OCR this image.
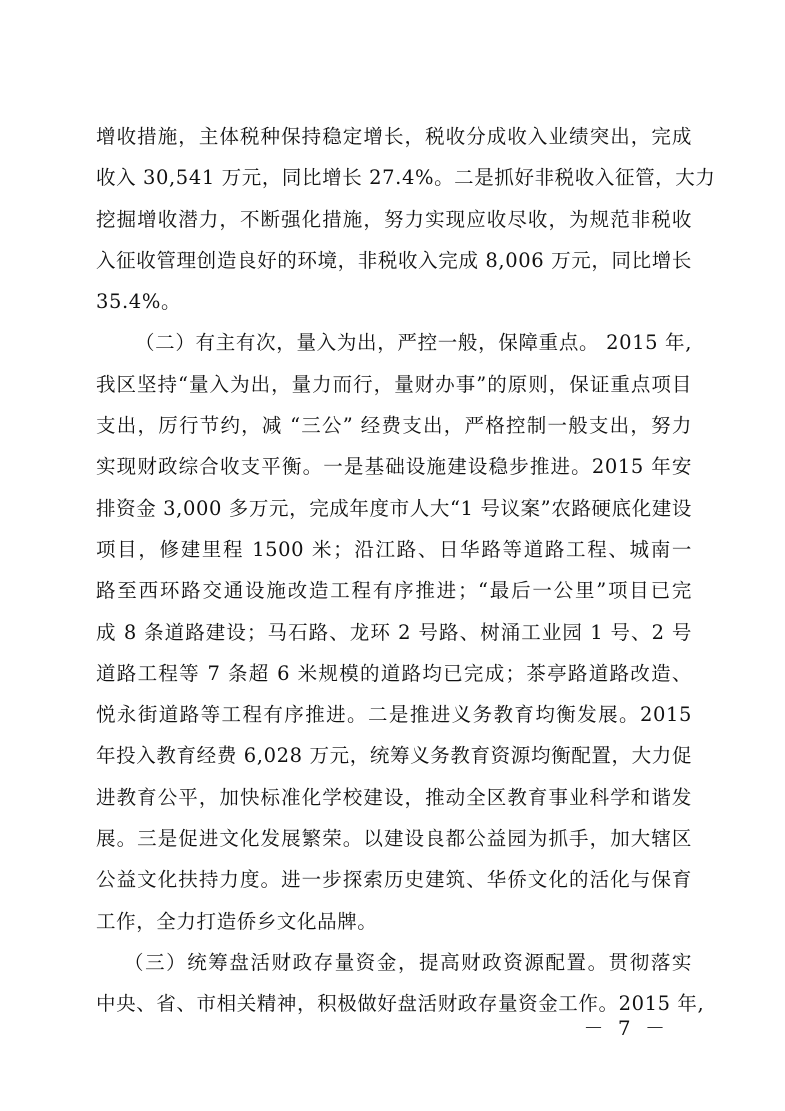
增收措施，主体税种保持稳定增长，税收分成收入业绩突出，完成
收入 30,541 万元，同比增长 27.4%。二是抓好非税收入征管，大力
挖掘增收潜力，不断强化措施，努力实现应收尽收，为规范非税收
入征收管理创造良好的环境，非税收入完成 8,006 万元，同比增长
35.4%。
（二）有主有次，量入为出，严控一般，保障重点。 2015 年,
我区坚持“量入为出，量力而行，量财办事”的原则，保证重点项目
支出，厉行节约，减 “三公” 经费支出，严格控制一般支出，努力
实现财政综合收支平衡。一是基础设施建设稳步推进。2015 年安
排资金 3,000 多万元，完成年度市人大“1 号议案”农路硬底化建设
项目，修建里程 1500 米；沿江路、日华路等道路工程、城南一
路至西环路交通设施改造工程有序推进；“最后一公里”项目已完
成 8 条道路建设；马石路、龙环 2 号路、树涌工业园 1 号、2 号
道路工程等 7 条超 6 米规模的道路均已完成；茶亭路道路改造、
悦永街道路等工程有序推进。二是推进义务教育均衡发展。2015
年投入教育经费 6,028 万元，统筹义务教育资源均衡配置，大力促
进教育公平，加快标准化学校建设，推动全区教育事业科学和谐发
展。三是促进文化发展繁荣。以建设良都公益园为抓手，加大辖区
公益文化扶持力度。进一步探索历史建筑、华侨文化的活化与保育
工作，全力打造侨乡文化品牌。
（三）统筹盘活财政存量资金，提高财政资源配置。贯彻落实
中央、省、市相关精神，积极做好盘活财政存量资金工作。2015 年,
－ 7 －
